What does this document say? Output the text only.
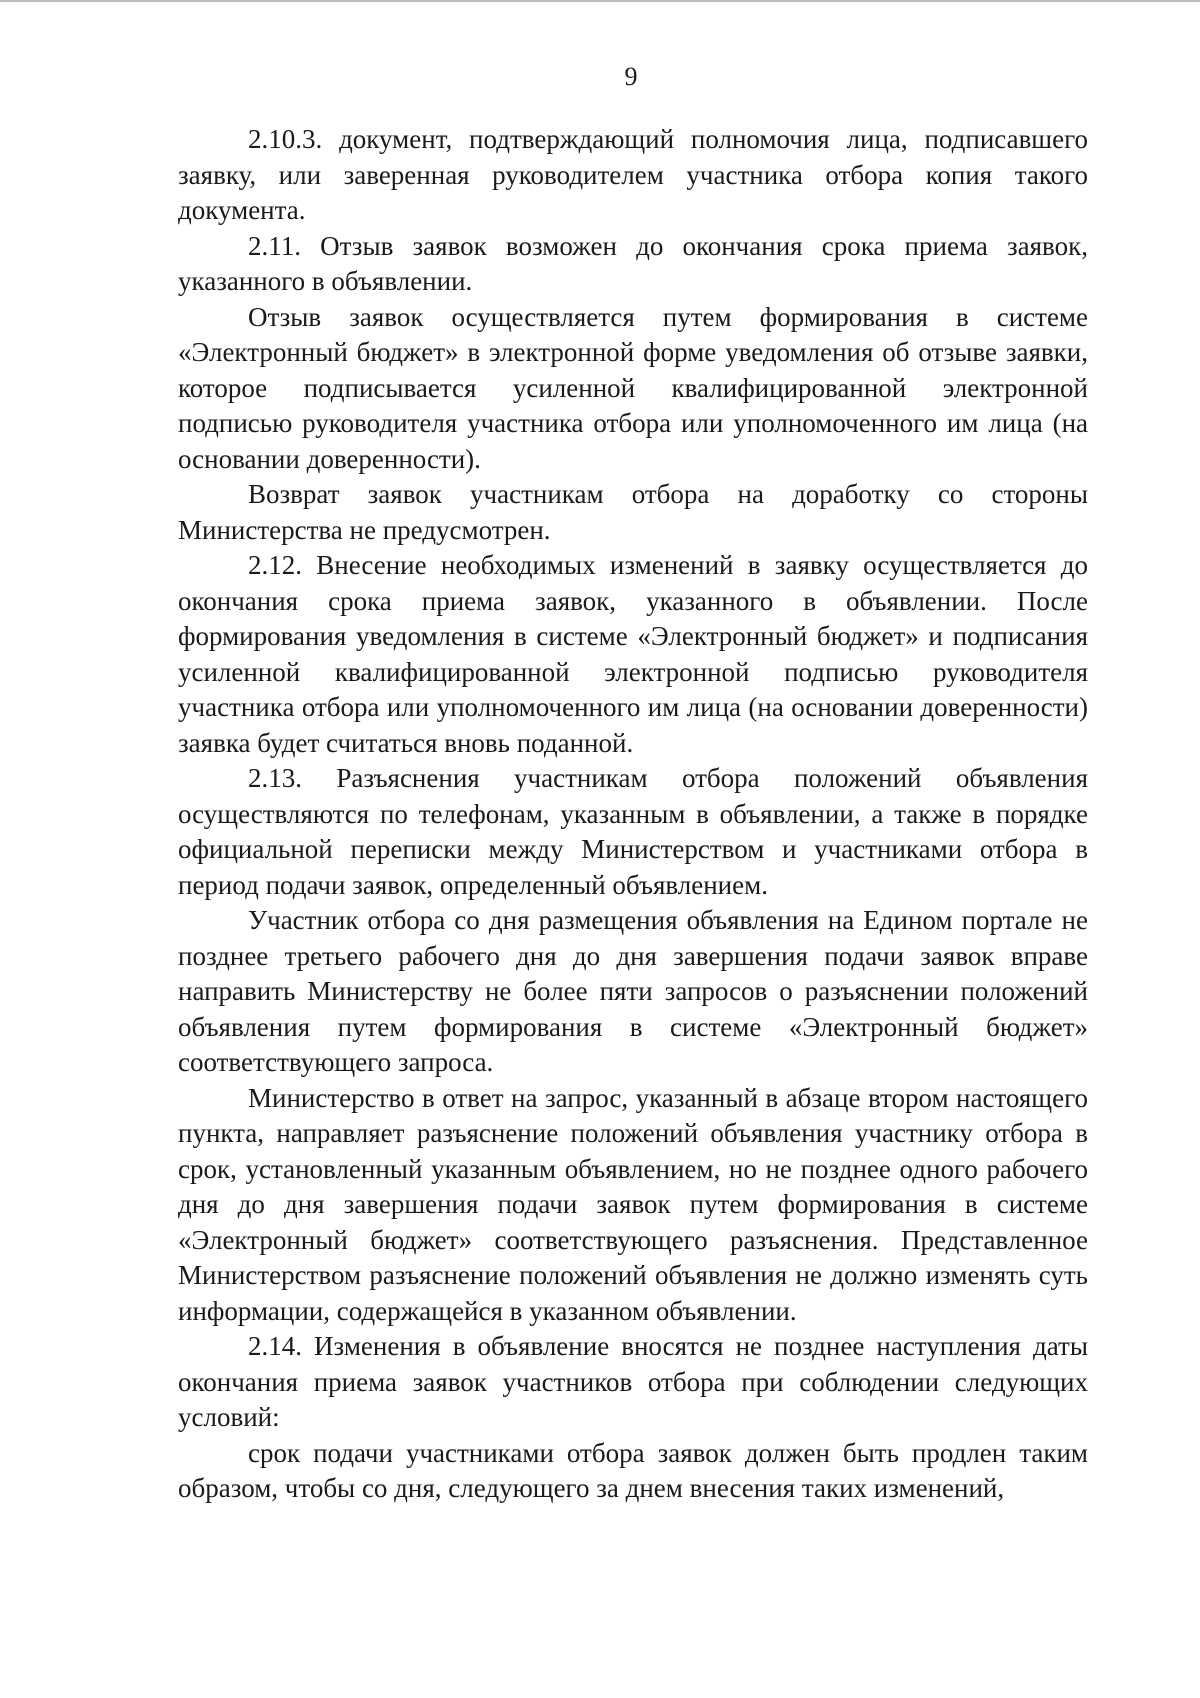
9

2.10.3. документ, подтверждающий полномочия лица, подписавшего заявку, или заверенная руководителем участника отбора копия такого документа.

2.11. Отзыв заявок возможен до окончания срока приема заявок, указанного в объявлении.

Отзыв заявок осуществляется путем формирования в системе «Электронный бюджет» в электронной форме уведомления об отзыве заявки, которое подписывается усиленной квалифицированной электронной подписью руководителя участника отбора или уполномоченного им лица (на основании доверенности).

Возврат заявок участникам отбора на доработку со стороны Министерства не предусмотрен.

2.12. Внесение необходимых изменений в заявку осуществляется до окончания срока приема заявок, указанного в объявлении. После формирования уведомления в системе «Электронный бюджет» и подписания усиленной квалифицированной электронной подписью руководителя участника отбора или уполномоченного им лица (на основании доверенности) заявка будет считаться вновь поданной.

2.13. Разъяснения участникам отбора положений объявления осуществляются по телефонам, указанным в объявлении, а также в порядке официальной переписки между Министерством и участниками отбора в период подачи заявок, определенный объявлением.

Участник отбора со дня размещения объявления на Едином портале не позднее третьего рабочего дня до дня завершения подачи заявок вправе направить Министерству не более пяти запросов о разъяснении положений объявления путем формирования в системе «Электронный бюджет» соответствующего запроса.

Министерство в ответ на запрос, указанный в абзаце втором настоящего пункта, направляет разъяснение положений объявления участнику отбора в срок, установленный указанным объявлением, но не позднее одного рабочего дня до дня завершения подачи заявок путем формирования в системе «Электронный бюджет» соответствующего разъяснения. Представленное Министерством разъяснение положений объявления не должно изменять суть информации, содержащейся в указанном объявлении.

2.14. Изменения в объявление вносятся не позднее наступления даты окончания приема заявок участников отбора при соблюдении следующих условий:

срок подачи участниками отбора заявок должен быть продлен таким образом, чтобы со дня, следующего за днем внесения таких изменений,
